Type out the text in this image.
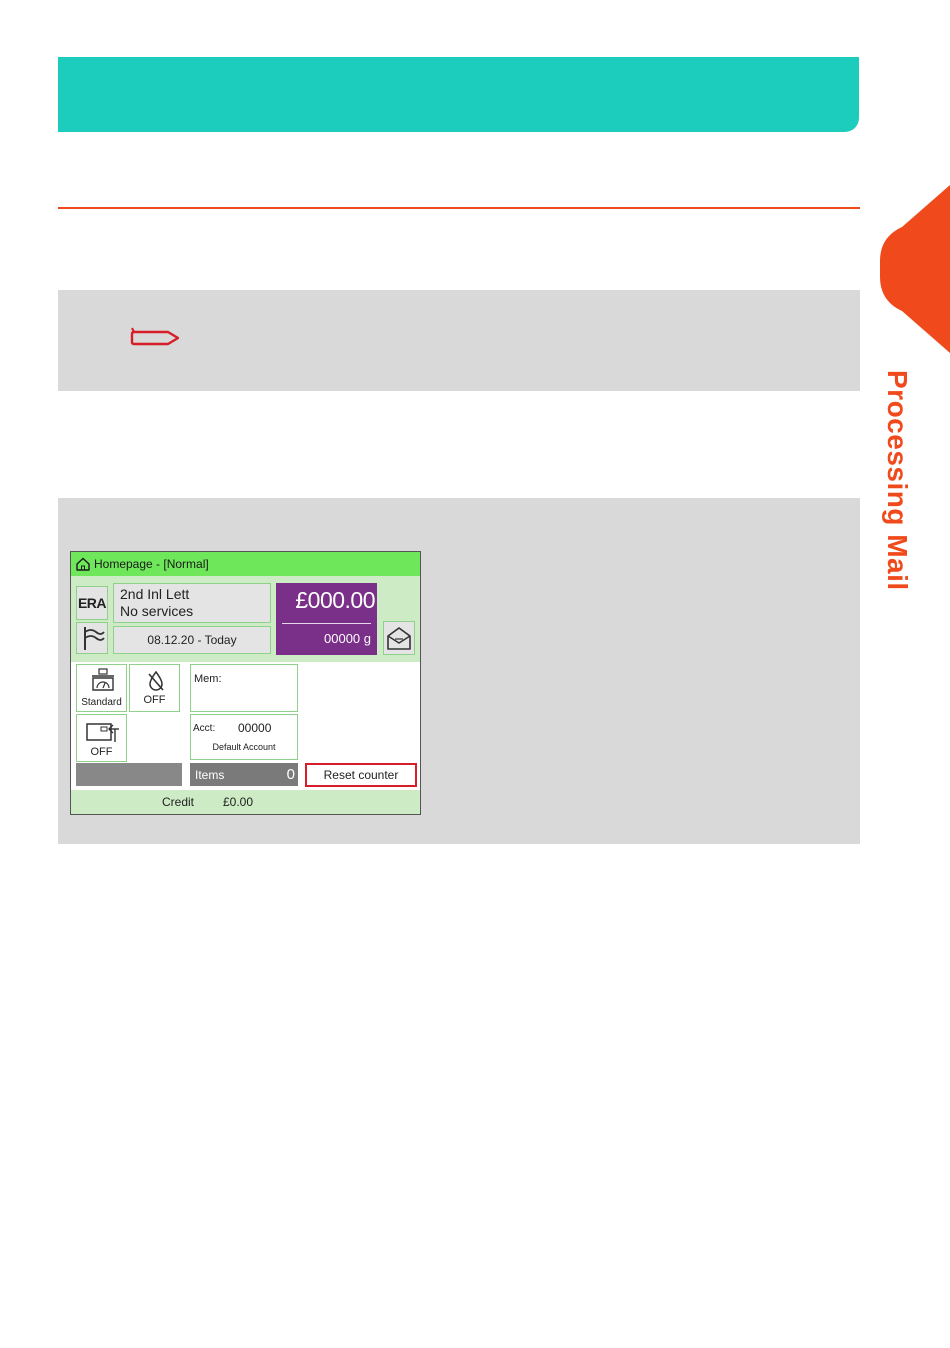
Processing Mail
Homepage - [Normal]
ERA
2nd Inl Lett
No services
08.12.20 - Today
£000.00
00000 g
Standard	OFF
OFF
Mem:
Acct: 00000
Default Account
Items	0	Reset counter
Credit £0.00
